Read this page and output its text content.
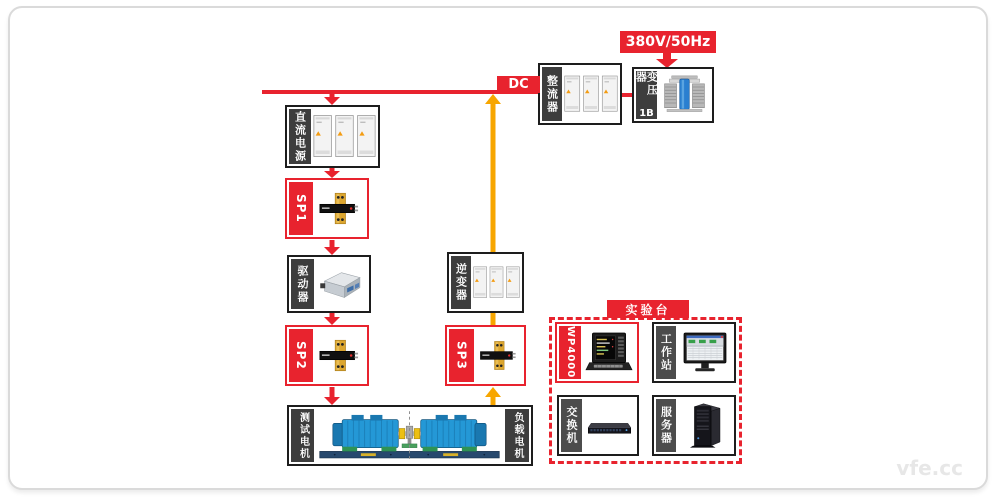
380V/50Hz
DC
实验台
变压器
1B
整流器
直流电源
SP1
驱动器
SP2
测试电机	负载电机
逆变器
SP3	WP4000	工作站
交换机	服务器
vfe.cc
